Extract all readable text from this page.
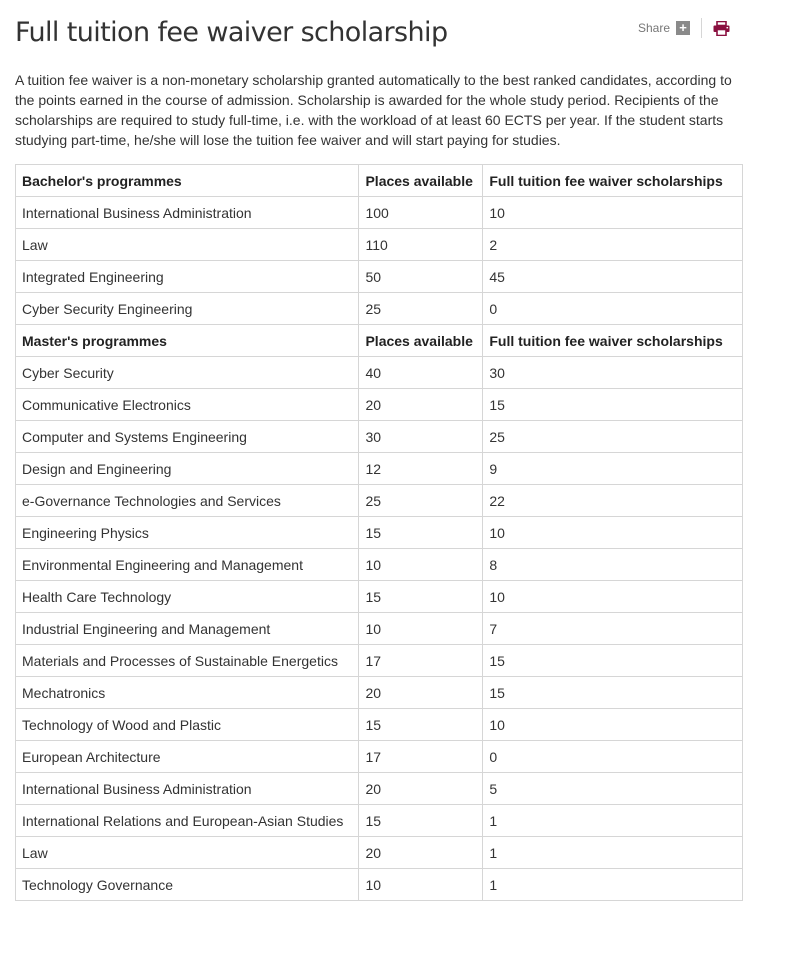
Full tuition fee waiver scholarship	Share +

A tuition fee waiver is a non-monetary scholarship granted automatically to the best ranked candidates, according to the points earned in the course of admission. Scholarship is awarded for the whole study period. Recipients of the scholarships are required to study full-time, i.e. with the workload of at least 60 ECTS per year. If the student starts studying part-time, he/she will lose the tuition fee waiver and will start paying for studies.

Bachelor's programmes	Places available	Full tuition fee waiver scholarships
International Business Administration	100	10
Law	110	2
Integrated Engineering	50	45
Cyber Security Engineering	25	0
Master's programmes	Places available	Full tuition fee waiver scholarships
Cyber Security	40	30
Communicative Electronics	20	15
Computer and Systems Engineering	30	25
Design and Engineering	12	9
e-Governance Technologies and Services	25	22
Engineering Physics	15	10
Environmental Engineering and Management	10	8
Health Care Technology	15	10
Industrial Engineering and Management	10	7
Materials and Processes of Sustainable Energetics	17	15
Mechatronics	20	15
Technology of Wood and Plastic	15	10
European Architecture	17	0
International Business Administration	20	5
International Relations and European-Asian Studies	15	1
Law	20	1
Technology Governance	10	1
